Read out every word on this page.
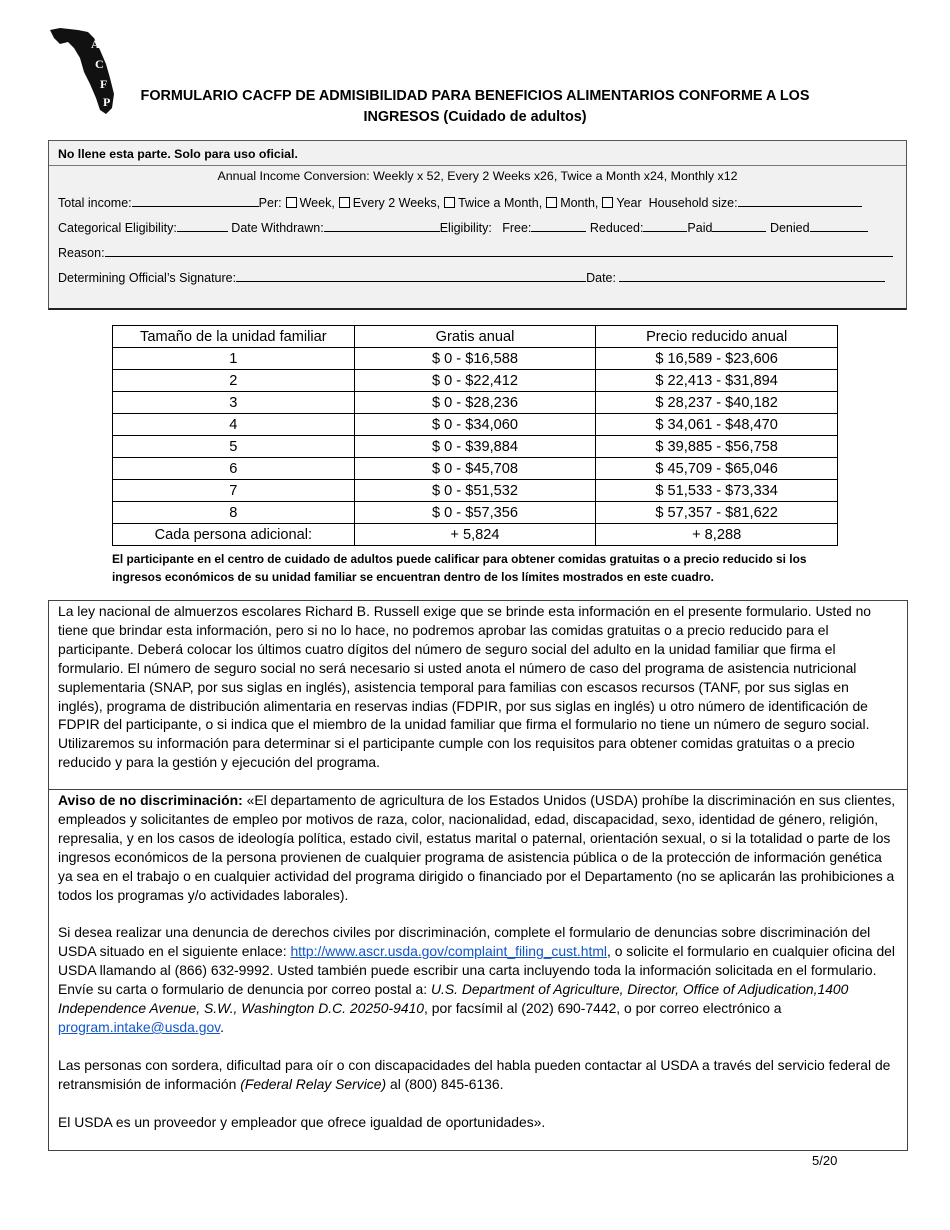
A
C
F
P	FORMULARIO CACFP DE ADMISIBILIDAD PARA BENEFICIOS ALIMENTARIOS CONFORME A LOS
INGRESOS (Cuidado de adultos)
No llene esta parte. Solo para uso oficial.
Annual Income Conversion: Weekly x 52, Every 2 Weeks x26, Twice a Month x24, Monthly x12
Total income:	Per: Week, Every 2 Weeks, Twice a Month, Month, Year Household size:
Categorical Eligibility:	Date Withdrawn:	Eligibility: Free:	Reduced:	Paid	Denied
Reason:
Determining Official’s Signature:	Date:
Tamaño de la unidad familiar	Gratis anual	Precio reducido anual
1	$ 0 - $16,588	$ 16,589 - $23,606
2	$ 0 - $22,412	$ 22,413 - $31,894
3	$ 0 - $28,236	$ 28,237 - $40,182
4	$ 0 - $34,060	$ 34,061 - $48,470
5	$ 0 - $39,884	$ 39,885 - $56,758
6	$ 0 - $45,708	$ 45,709 - $65,046
7	$ 0 - $51,532	$ 51,533 - $73,334
8	$ 0 - $57,356	$ 57,357 - $81,622
Cada persona adicional:	+ 5,824	+ 8,288
El participante en el centro de cuidado de adultos puede calificar para obtener comidas gratuitas o a precio reducido si los ingresos económicos de su unidad familiar se encuentran dentro de los límites mostrados en este cuadro.

La ley nacional de almuerzos escolares Richard B. Russell exige que se brinde esta información en el presente formulario. Usted no tiene que brindar esta información, pero si no lo hace, no podremos aprobar las comidas gratuitas o a precio reducido para el participante. Deberá colocar los últimos cuatro dígitos del número de seguro social del adulto en la unidad familiar que firma el formulario. El número de seguro social no será necesario si usted anota el número de caso del programa de asistencia nutricional suplementaria (SNAP, por sus siglas en inglés), asistencia temporal para familias con escasos recursos (TANF, por sus siglas en inglés), programa de distribución alimentaria en reservas indias (FDPIR, por sus siglas en inglés) u otro número de identificación de FDPIR del participante, o si indica que el miembro de la unidad familiar que firma el formulario no tiene un número de seguro social. Utilizaremos su información para determinar si el participante cumple con los requisitos para obtener comidas gratuitas o a precio reducido y para la gestión y ejecución del programa.

Aviso de no discriminación: «El departamento de agricultura de los Estados Unidos (USDA) prohíbe la discriminación en sus clientes, empleados y solicitantes de empleo por motivos de raza, color, nacionalidad, edad, discapacidad, sexo, identidad de género, religión, represalia, y en los casos de ideología política, estado civil, estatus marital o paternal, orientación sexual, o si la totalidad o parte de los ingresos económicos de la persona provienen de cualquier programa de asistencia pública o de la protección de información genética ya sea en el trabajo o en cualquier actividad del programa dirigido o financiado por el Departamento (no se aplicarán las prohibiciones a todos los programas y/o actividades laborales).

Si desea realizar una denuncia de derechos civiles por discriminación, complete el formulario de denuncias sobre discriminación del USDA situado en el siguiente enlace: http://www.ascr.usda.gov/complaint_filing_cust.html, o solicite el formulario en cualquier oficina del USDA llamando al (866) 632-9992. Usted también puede escribir una carta incluyendo toda la información solicitada en el formulario. Envíe su carta o formulario de denuncia por correo postal a: U.S. Department of Agriculture, Director, Office of Adjudication,1400 Independence Avenue, S.W., Washington D.C. 20250-9410, por facsímil al (202) 690-7442, o por correo electrónico a program.intake@usda.gov.

Las personas con sordera, dificultad para oír o con discapacidades del habla pueden contactar al USDA a través del servicio federal de retransmisión de información (Federal Relay Service) al (800) 845-6136.

El USDA es un proveedor y empleador que ofrece igualdad de oportunidades».

5/20
